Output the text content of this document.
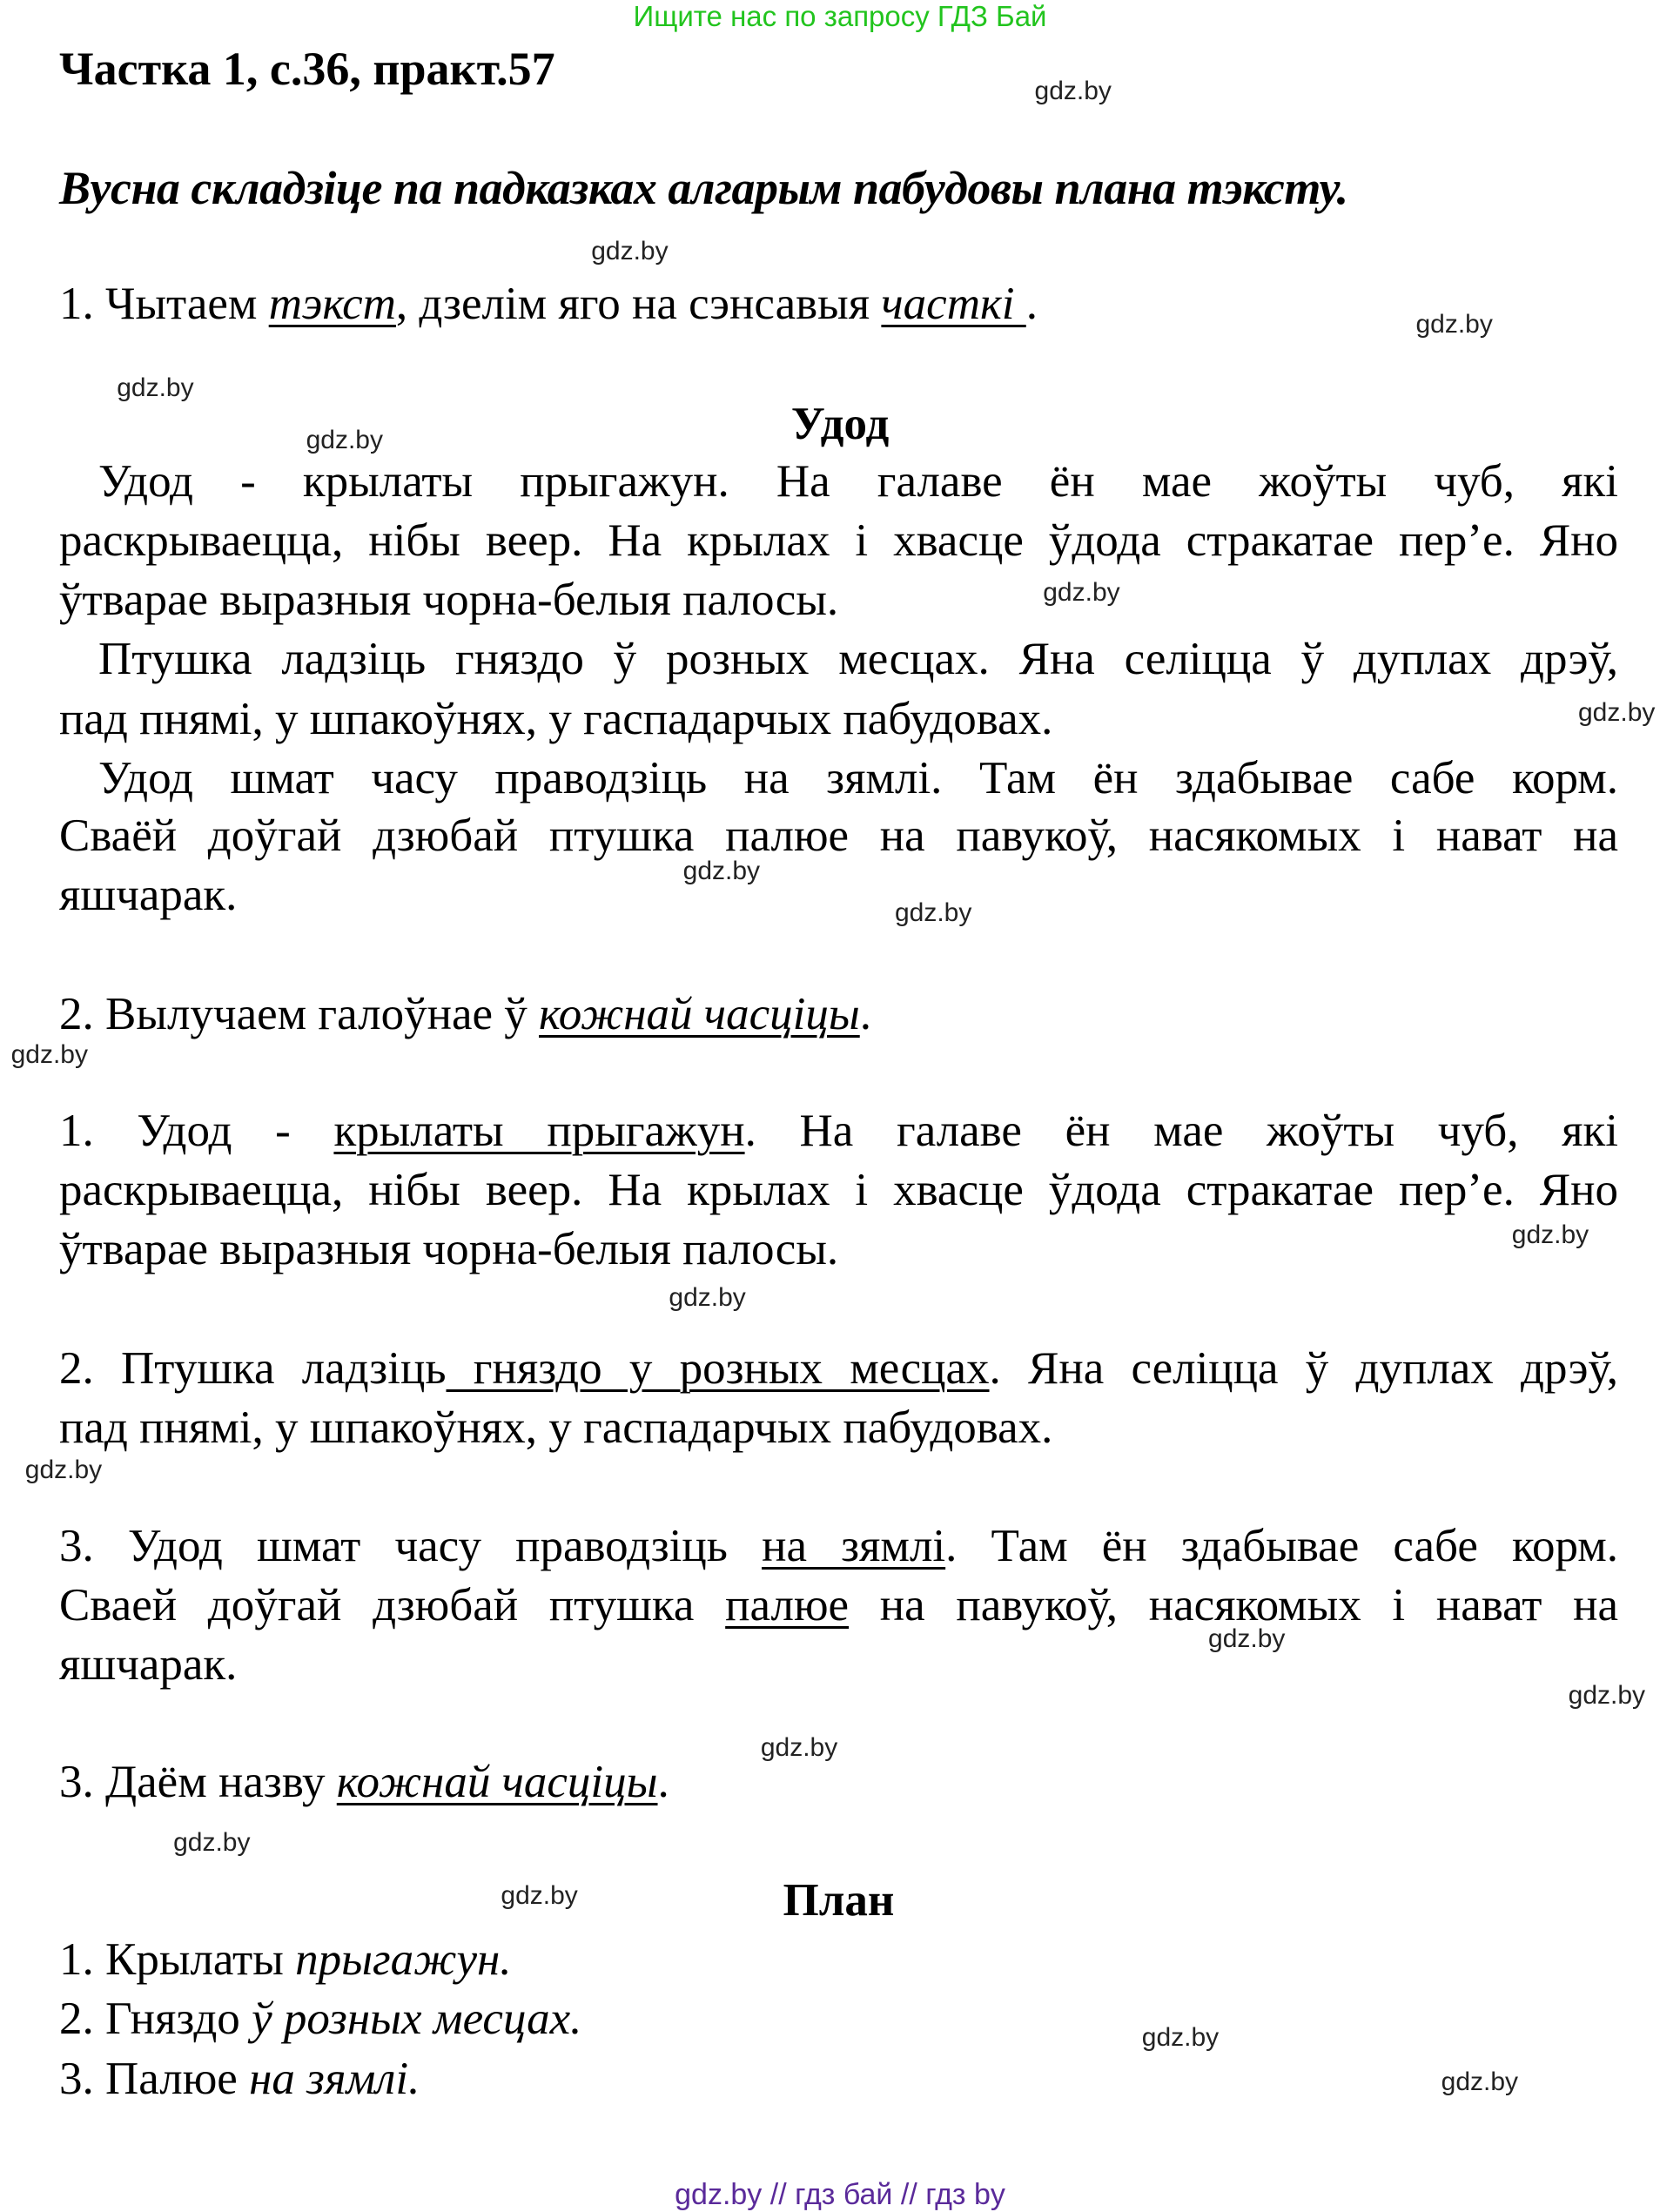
Ищите нас по запросу ГДЗ Бай
Частка 1, с.36, практ.57
Вусна складзіце па падказках алгарым пабудовы плана тэксту.
1. Чытаем тэкст, дзелім яго на сэнсавыя часткі .
Удод
Удод - крылаты прыгажун. На галаве ён мае жоўты чуб, які
раскрываецца, нібы веер. На крылах і хвасце ўдода стракатае пер’е. Яно
ўтварае выразныя чорна-белыя палосы.
Птушка ладзіць гняздо ў розных месцах. Яна селіцца ў дуплах дрэў,
пад пнямі, у шпакоўнях, у гаспадарчых пабудовах.
Удод шмат часу праводзіць на зямлі. Там ён здабывае сабе корм.
Сваёй доўгай дзюбай птушка палюе на павукоў, насякомых і нават на
яшчарак.
2. Вылучаем галоўнае ў кожнай часціцы.
1. Удод - крылаты прыгажун. На галаве ён мае жоўты чуб, які
раскрываецца, нібы веер. На крылах і хвасце ўдода стракатае пер’е. Яно
ўтварае выразныя чорна-белыя палосы.
2. Птушка ладзіць гняздо у розных месцах. Яна селіцца ў дуплах дрэў,
пад пнямі, у шпакоўнях, у гаспадарчых пабудовах.
3. Удод шмат часу праводзіць на зямлі. Там ён здабывае сабе корм.
Сваей доўгай дзюбай птушка палюе на павукоў, насякомых і нават на
яшчарак.
3. Даём назву кожнай часціцы.
План
1. Крылаты прыгажун.
2. Гняздо ў розных месцах.
3. Палюе на зямлі.
gdz.by
gdz.by
gdz.by
gdz.by
gdz.by
gdz.by
gdz.by
gdz.by
gdz.by
gdz.by
gdz.by
gdz.by
gdz.by
gdz.by
gdz.by
gdz.by
gdz.by
gdz.by
gdz.by
gdz.by
gdz.by // гдз бай // гдз by
